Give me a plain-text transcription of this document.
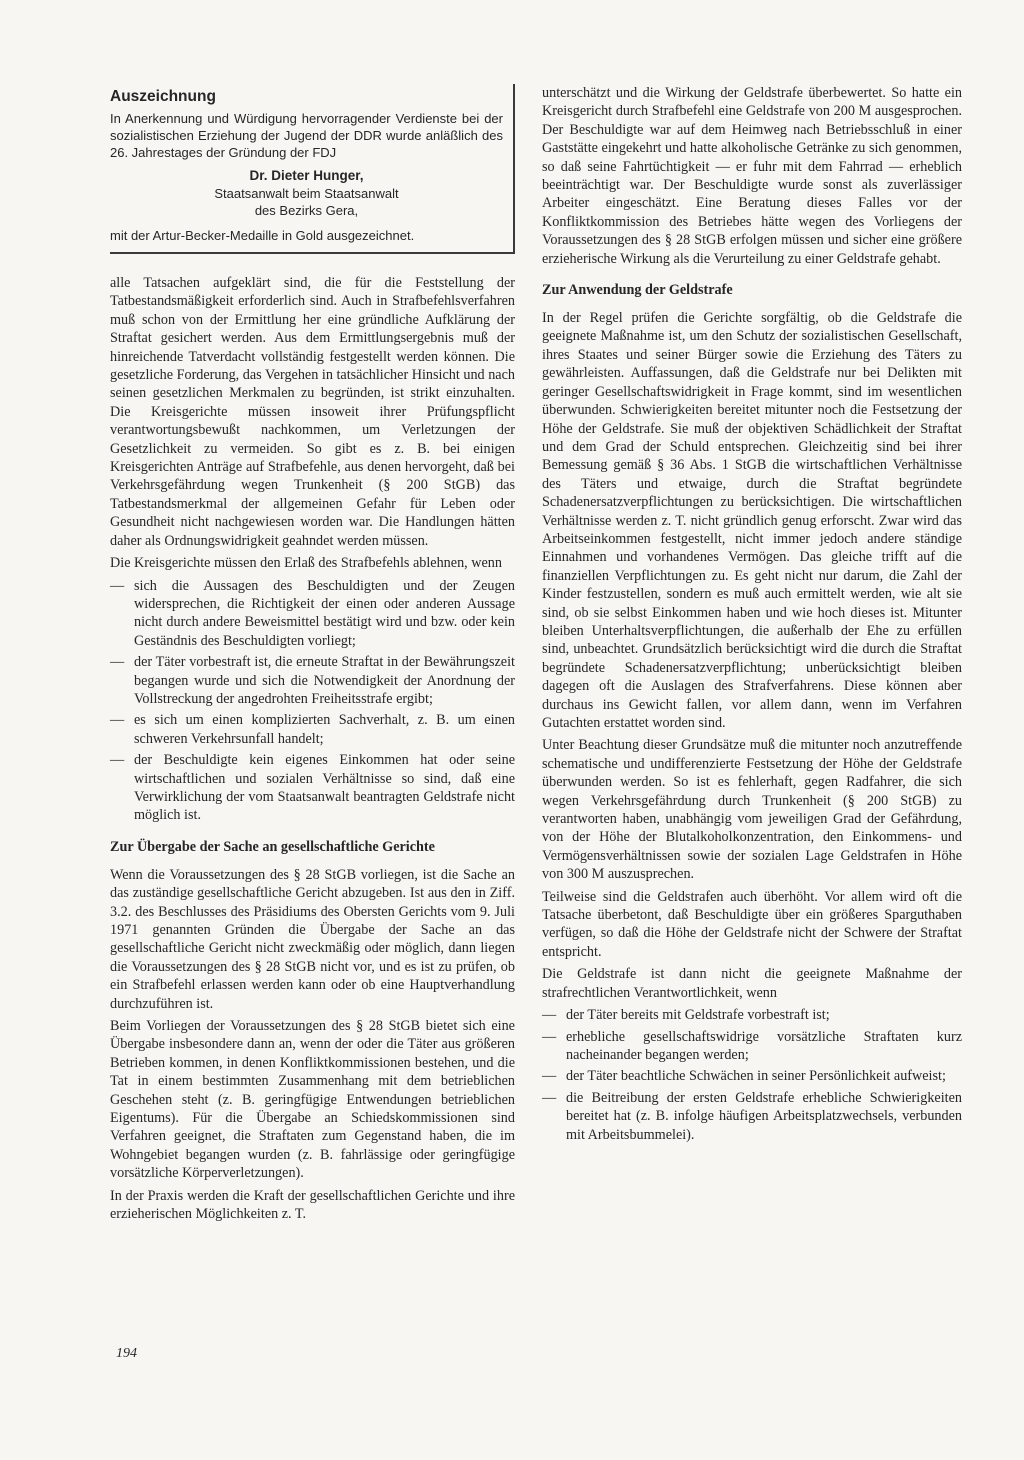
Auszeichnung

In Anerkennung und Würdigung hervorragender Verdienste bei der sozialistischen Erziehung der Jugend der DDR wurde anläßlich des 26. Jahrestages der Gründung der FDJ

Dr. Dieter Hunger,

Staatsanwalt beim Staatsanwalt

des Bezirks Gera,

mit der Artur-Becker-Medaille in Gold ausgezeichnet.

alle Tatsachen aufgeklärt sind, die für die Feststellung der Tatbestandsmäßigkeit erforderlich sind. Auch in Strafbefehlsverfahren muß schon von der Ermittlung her eine gründliche Aufklärung der Straftat gesichert werden. Aus dem Ermittlungsergebnis muß der hinreichende Tatverdacht vollständig festgestellt werden können. Die gesetzliche Forderung, das Vergehen in tatsächlicher Hinsicht und nach seinen gesetzlichen Merkmalen zu begründen, ist strikt einzuhalten. Die Kreisgerichte müssen insoweit ihrer Prüfungspflicht verantwortungsbewußt nachkommen, um Verletzungen der Gesetzlichkeit zu vermeiden. So gibt es z. B. bei einigen Kreisgerichten Anträge auf Strafbefehle, aus denen hervorgeht, daß bei Verkehrsgefährdung wegen Trunkenheit (§ 200 StGB) das Tatbestandsmerkmal der allgemeinen Gefahr für Leben oder Gesundheit nicht nachgewiesen worden war. Die Handlungen hätten daher als Ordnungswidrigkeit geahndet werden müssen.

Die Kreisgerichte müssen den Erlaß des Strafbefehls ablehnen, wenn

— sich die Aussagen des Beschuldigten und der Zeugen widersprechen, die Richtigkeit der einen oder anderen Aussage nicht durch andere Beweismittel bestätigt wird und bzw. oder kein Geständnis des Beschuldigten vorliegt;
— der Täter vorbestraft ist, die erneute Straftat in der Bewährungszeit begangen wurde und sich die Notwendigkeit der Anordnung der Vollstreckung der angedrohten Freiheitsstrafe ergibt;
— es sich um einen komplizierten Sachverhalt, z. B. um einen schweren Verkehrsunfall handelt;
— der Beschuldigte kein eigenes Einkommen hat oder seine wirtschaftlichen und sozialen Verhältnisse so sind, daß eine Verwirklichung der vom Staatsanwalt beantragten Geldstrafe nicht möglich ist.
Zur Übergabe der Sache an gesellschaftliche Gerichte

Wenn die Voraussetzungen des § 28 StGB vorliegen, ist die Sache an das zuständige gesellschaftliche Gericht abzugeben. Ist aus den in Ziff. 3.2. des Beschlusses des Präsidiums des Obersten Gerichts vom 9. Juli 1971 genannten Gründen die Übergabe der Sache an das gesellschaftliche Gericht nicht zweckmäßig oder möglich, dann liegen die Voraussetzungen des § 28 StGB nicht vor, und es ist zu prüfen, ob ein Strafbefehl erlassen werden kann oder ob eine Hauptverhandlung durchzuführen ist.

Beim Vorliegen der Voraussetzungen des § 28 StGB bietet sich eine Übergabe insbesondere dann an, wenn der oder die Täter aus größeren Betrieben kommen, in denen Konfliktkommissionen bestehen, und die Tat in einem bestimmten Zusammenhang mit dem betrieblichen Geschehen steht (z. B. geringfügige Entwendungen betrieblichen Eigentums). Für die Übergabe an Schiedskommissionen sind Verfahren geeignet, die Straftaten zum Gegenstand haben, die im Wohngebiet begangen wurden (z. B. fahrlässige oder geringfügige vorsätzliche Körperverletzungen).

In der Praxis werden die Kraft der gesellschaftlichen Gerichte und ihre erzieherischen Möglichkeiten z. T.

unterschätzt und die Wirkung der Geldstrafe überbewertet. So hatte ein Kreisgericht durch Strafbefehl eine Geldstrafe von 200 M ausgesprochen. Der Beschuldigte war auf dem Heimweg nach Betriebsschluß in einer Gaststätte eingekehrt und hatte alkoholische Getränke zu sich genommen, so daß seine Fahrtüchtigkeit — er fuhr mit dem Fahrrad — erheblich beeinträchtigt war. Der Beschuldigte wurde sonst als zuverlässiger Arbeiter eingeschätzt. Eine Beratung dieses Falles vor der Konfliktkommission des Betriebes hätte wegen des Vorliegens der Voraussetzungen des § 28 StGB erfolgen müssen und sicher eine größere erzieherische Wirkung als die Verurteilung zu einer Geldstrafe gehabt.

Zur Anwendung der Geldstrafe

In der Regel prüfen die Gerichte sorgfältig, ob die Geldstrafe die geeignete Maßnahme ist, um den Schutz der sozialistischen Gesellschaft, ihres Staates und seiner Bürger sowie die Erziehung des Täters zu gewährleisten. Auffassungen, daß die Geldstrafe nur bei Delikten mit geringer Gesellschaftswidrigkeit in Frage kommt, sind im wesentlichen überwunden. Schwierigkeiten bereitet mitunter noch die Festsetzung der Höhe der Geldstrafe. Sie muß der objektiven Schädlichkeit der Straftat und dem Grad der Schuld entsprechen. Gleichzeitig sind bei ihrer Bemessung gemäß § 36 Abs. 1 StGB die wirtschaftlichen Verhältnisse des Täters und etwaige, durch die Straftat begründete Schadenersatzverpflichtungen zu berücksichtigen. Die wirtschaftlichen Verhältnisse werden z. T. nicht gründlich genug erforscht. Zwar wird das Arbeitseinkommen festgestellt, nicht immer jedoch andere ständige Einnahmen und vorhandenes Vermögen. Das gleiche trifft auf die finanziellen Verpflichtungen zu. Es geht nicht nur darum, die Zahl der Kinder festzustellen, sondern es muß auch ermittelt werden, wie alt sie sind, ob sie selbst Einkommen haben und wie hoch dieses ist. Mitunter bleiben Unterhaltsverpflichtungen, die außerhalb der Ehe zu erfüllen sind, unbeachtet. Grundsätzlich berücksichtigt wird die durch die Straftat begründete Schadenersatzverpflichtung; unberücksichtigt bleiben dagegen oft die Auslagen des Strafverfahrens. Diese können aber durchaus ins Gewicht fallen, vor allem dann, wenn im Verfahren Gutachten erstattet worden sind.

Unter Beachtung dieser Grundsätze muß die mitunter noch anzutreffende schematische und undifferenzierte Festsetzung der Höhe der Geldstrafe überwunden werden. So ist es fehlerhaft, gegen Radfahrer, die sich wegen Verkehrsgefährdung durch Trunkenheit (§ 200 StGB) zu verantworten haben, unabhängig vom jeweiligen Grad der Gefährdung, von der Höhe der Blutalkoholkonzentration, den Einkommens- und Vermögensverhältnissen sowie der sozialen Lage Geldstrafen in Höhe von 300 M auszusprechen.

Teilweise sind die Geldstrafen auch überhöht. Vor allem wird oft die Tatsache überbetont, daß Beschuldigte über ein größeres Sparguthaben verfügen, so daß die Höhe der Geldstrafe nicht der Schwere der Straftat entspricht.

Die Geldstrafe ist dann nicht die geeignete Maßnahme der strafrechtlichen Verantwortlichkeit, wenn

— der Täter bereits mit Geldstrafe vorbestraft ist;
— erhebliche gesellschaftswidrige vorsätzliche Straftaten kurz nacheinander begangen werden;
— der Täter beachtliche Schwächen in seiner Persönlichkeit aufweist;
— die Beitreibung der ersten Geldstrafe erhebliche Schwierigkeiten bereitet hat (z. B. infolge häufigen Arbeitsplatzwechsels, verbunden mit Arbeitsbummelei).
194
